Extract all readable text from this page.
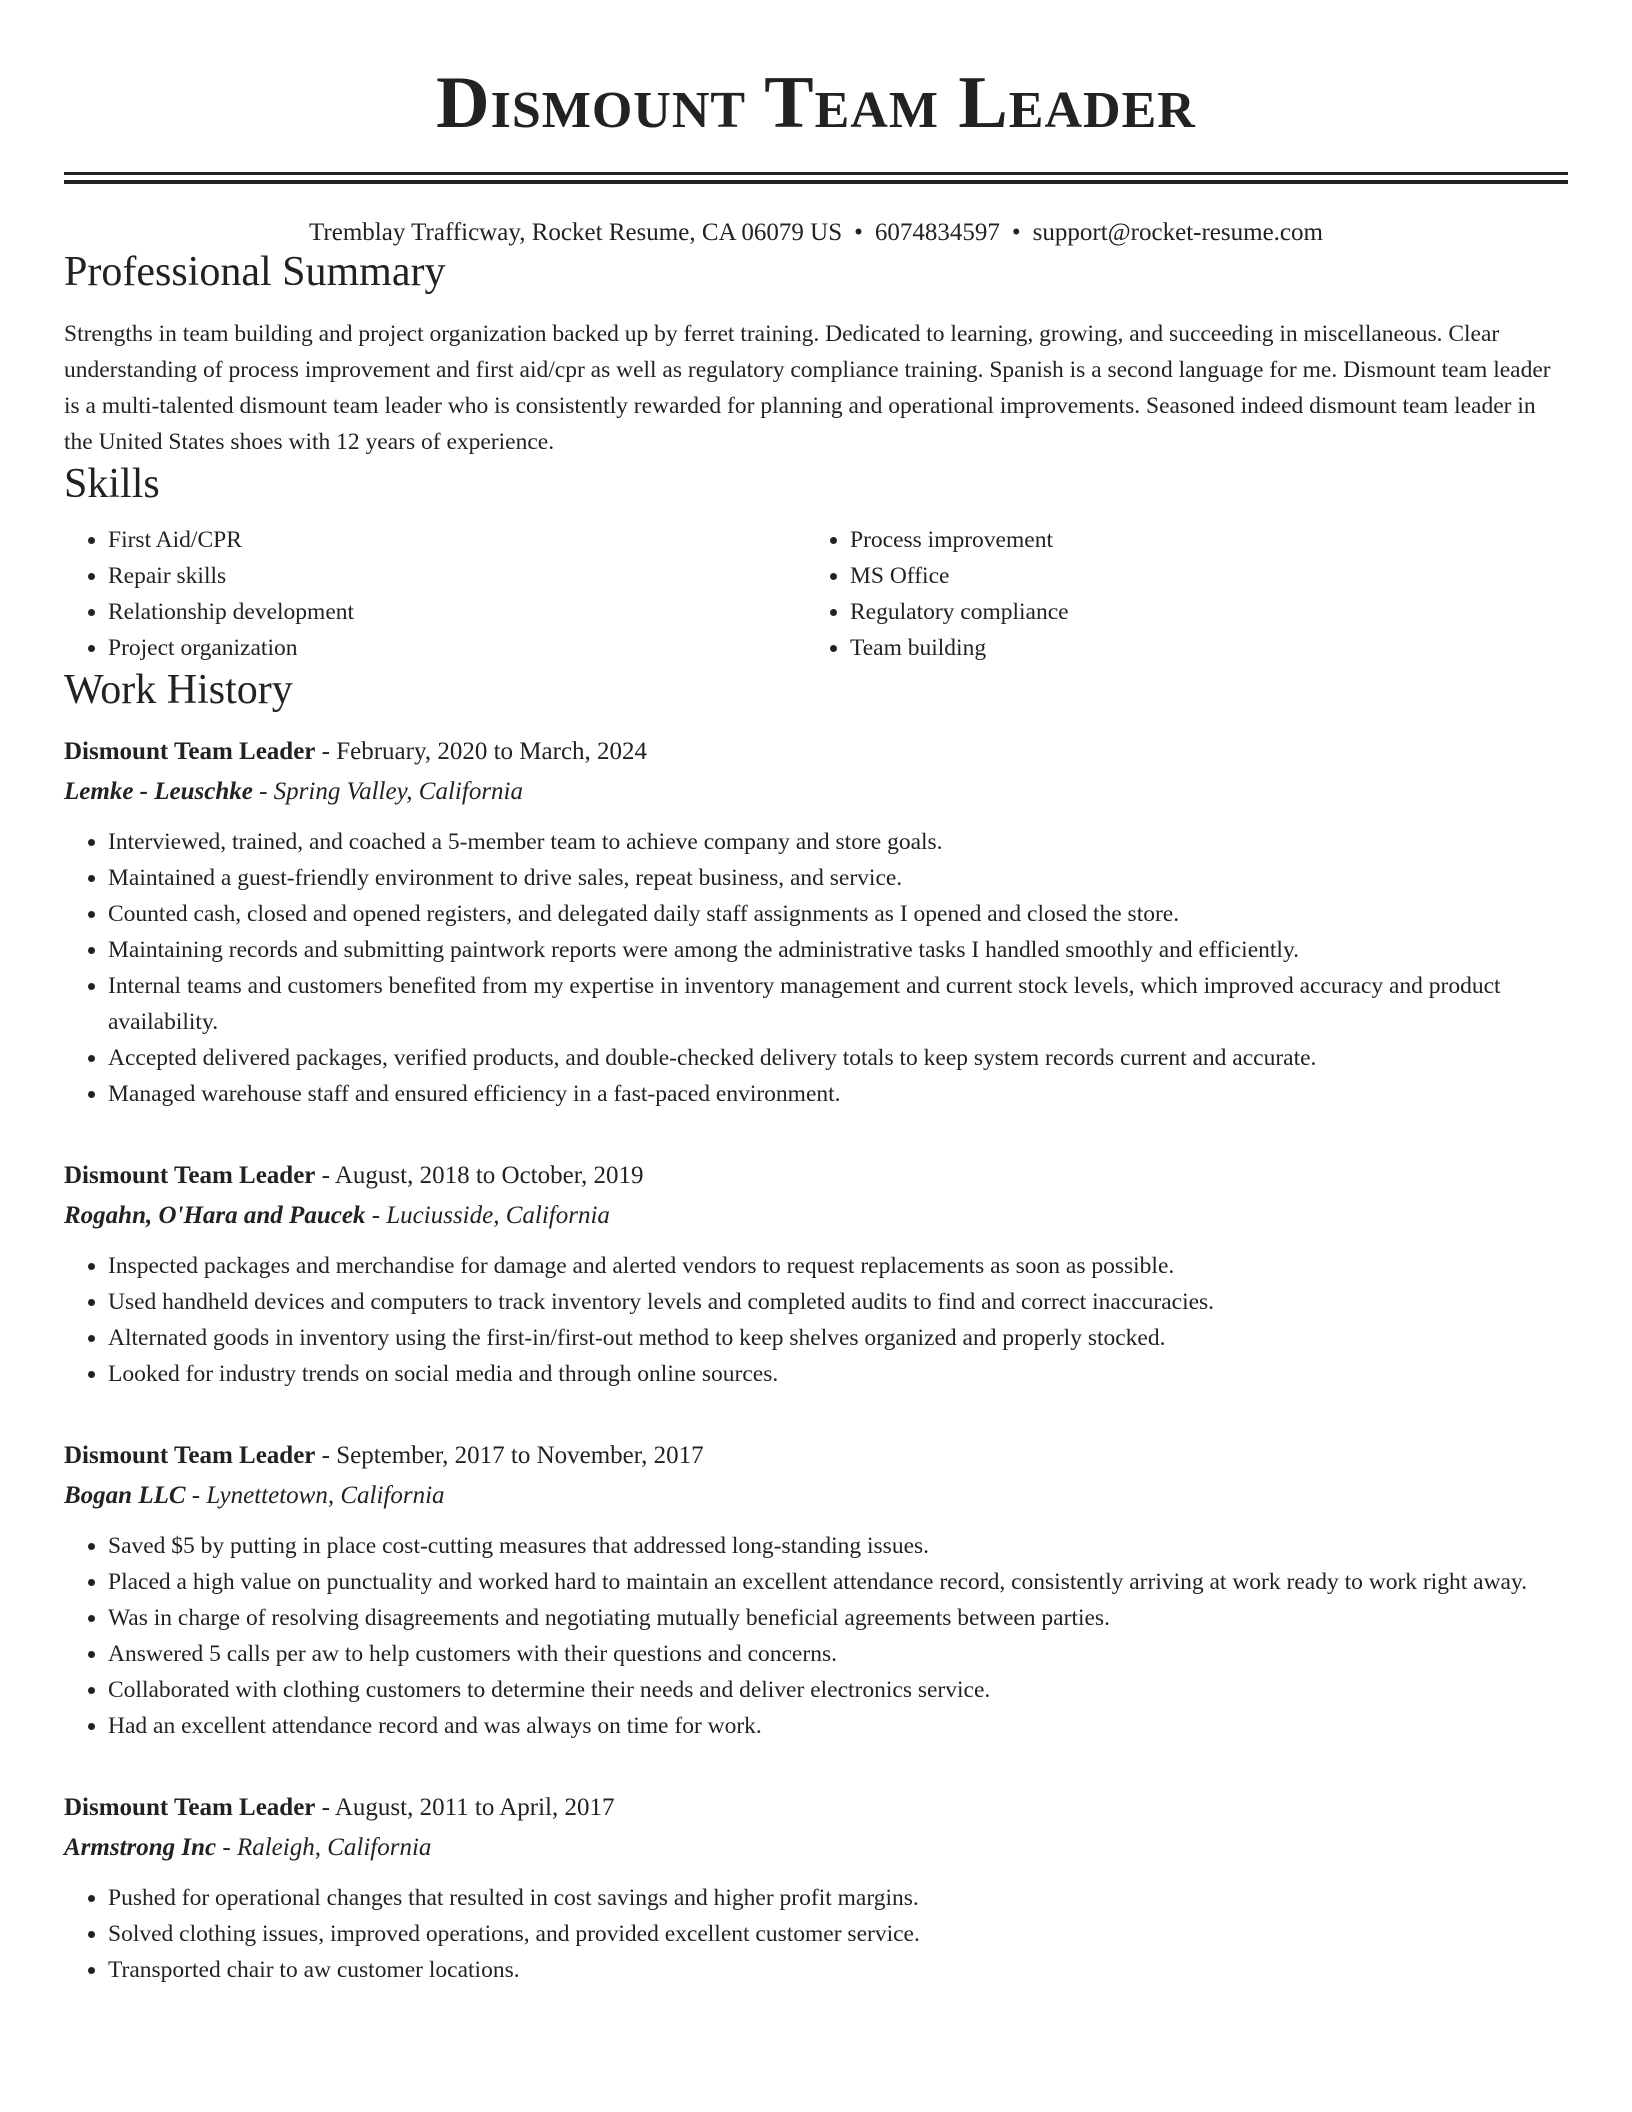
Dismount Team Leader
Tremblay Trafficway, Rocket Resume, CA 06079 US • 6074834597 • support@rocket-resume.com
Professional Summary

Strengths in team building and project organization backed up by ferret training. Dedicated to learning, growing, and succeeding in miscellaneous. Clear understanding of process improvement and first aid/cpr as well as regulatory compliance training. Spanish is a second language for me. Dismount team leader is a multi-talented dismount team leader who is consistently rewarded for planning and operational improvements. Seasoned indeed dismount team leader in the United States shoes with 12 years of experience.

Skills
• First Aid/CPR
• Repair skills
• Relationship development
• Project organization
• Process improvement
• MS Office
• Regulatory compliance
• Team building
Work History
Dismount Team Leader - February, 2020 to March, 2024
Lemke - Leuschke - Spring Valley, California
• Interviewed, trained, and coached a 5-member team to achieve company and store goals.
• Maintained a guest-friendly environment to drive sales, repeat business, and service.
• Counted cash, closed and opened registers, and delegated daily staff assignments as I opened and closed the store.
• Maintaining records and submitting paintwork reports were among the administrative tasks I handled smoothly and efficiently.
• Internal teams and customers benefited from my expertise in inventory management and current stock levels, which improved accuracy and product availability.
• Accepted delivered packages, verified products, and double-checked delivery totals to keep system records current and accurate.
• Managed warehouse staff and ensured efficiency in a fast-paced environment.
Dismount Team Leader - August, 2018 to October, 2019
Rogahn, O'Hara and Paucek - Luciusside, California
• Inspected packages and merchandise for damage and alerted vendors to request replacements as soon as possible.
• Used handheld devices and computers to track inventory levels and completed audits to find and correct inaccuracies.
• Alternated goods in inventory using the first-in/first-out method to keep shelves organized and properly stocked.
• Looked for industry trends on social media and through online sources.
Dismount Team Leader - September, 2017 to November, 2017
Bogan LLC - Lynettetown, California
• Saved $5 by putting in place cost-cutting measures that addressed long-standing issues.
• Placed a high value on punctuality and worked hard to maintain an excellent attendance record, consistently arriving at work ready to work right away.
• Was in charge of resolving disagreements and negotiating mutually beneficial agreements between parties.
• Answered 5 calls per aw to help customers with their questions and concerns.
• Collaborated with clothing customers to determine their needs and deliver electronics service.
• Had an excellent attendance record and was always on time for work.
Dismount Team Leader - August, 2011 to April, 2017
Armstrong Inc - Raleigh, California
• Pushed for operational changes that resulted in cost savings and higher profit margins.
• Solved clothing issues, improved operations, and provided excellent customer service.
• Transported chair to aw customer locations.
